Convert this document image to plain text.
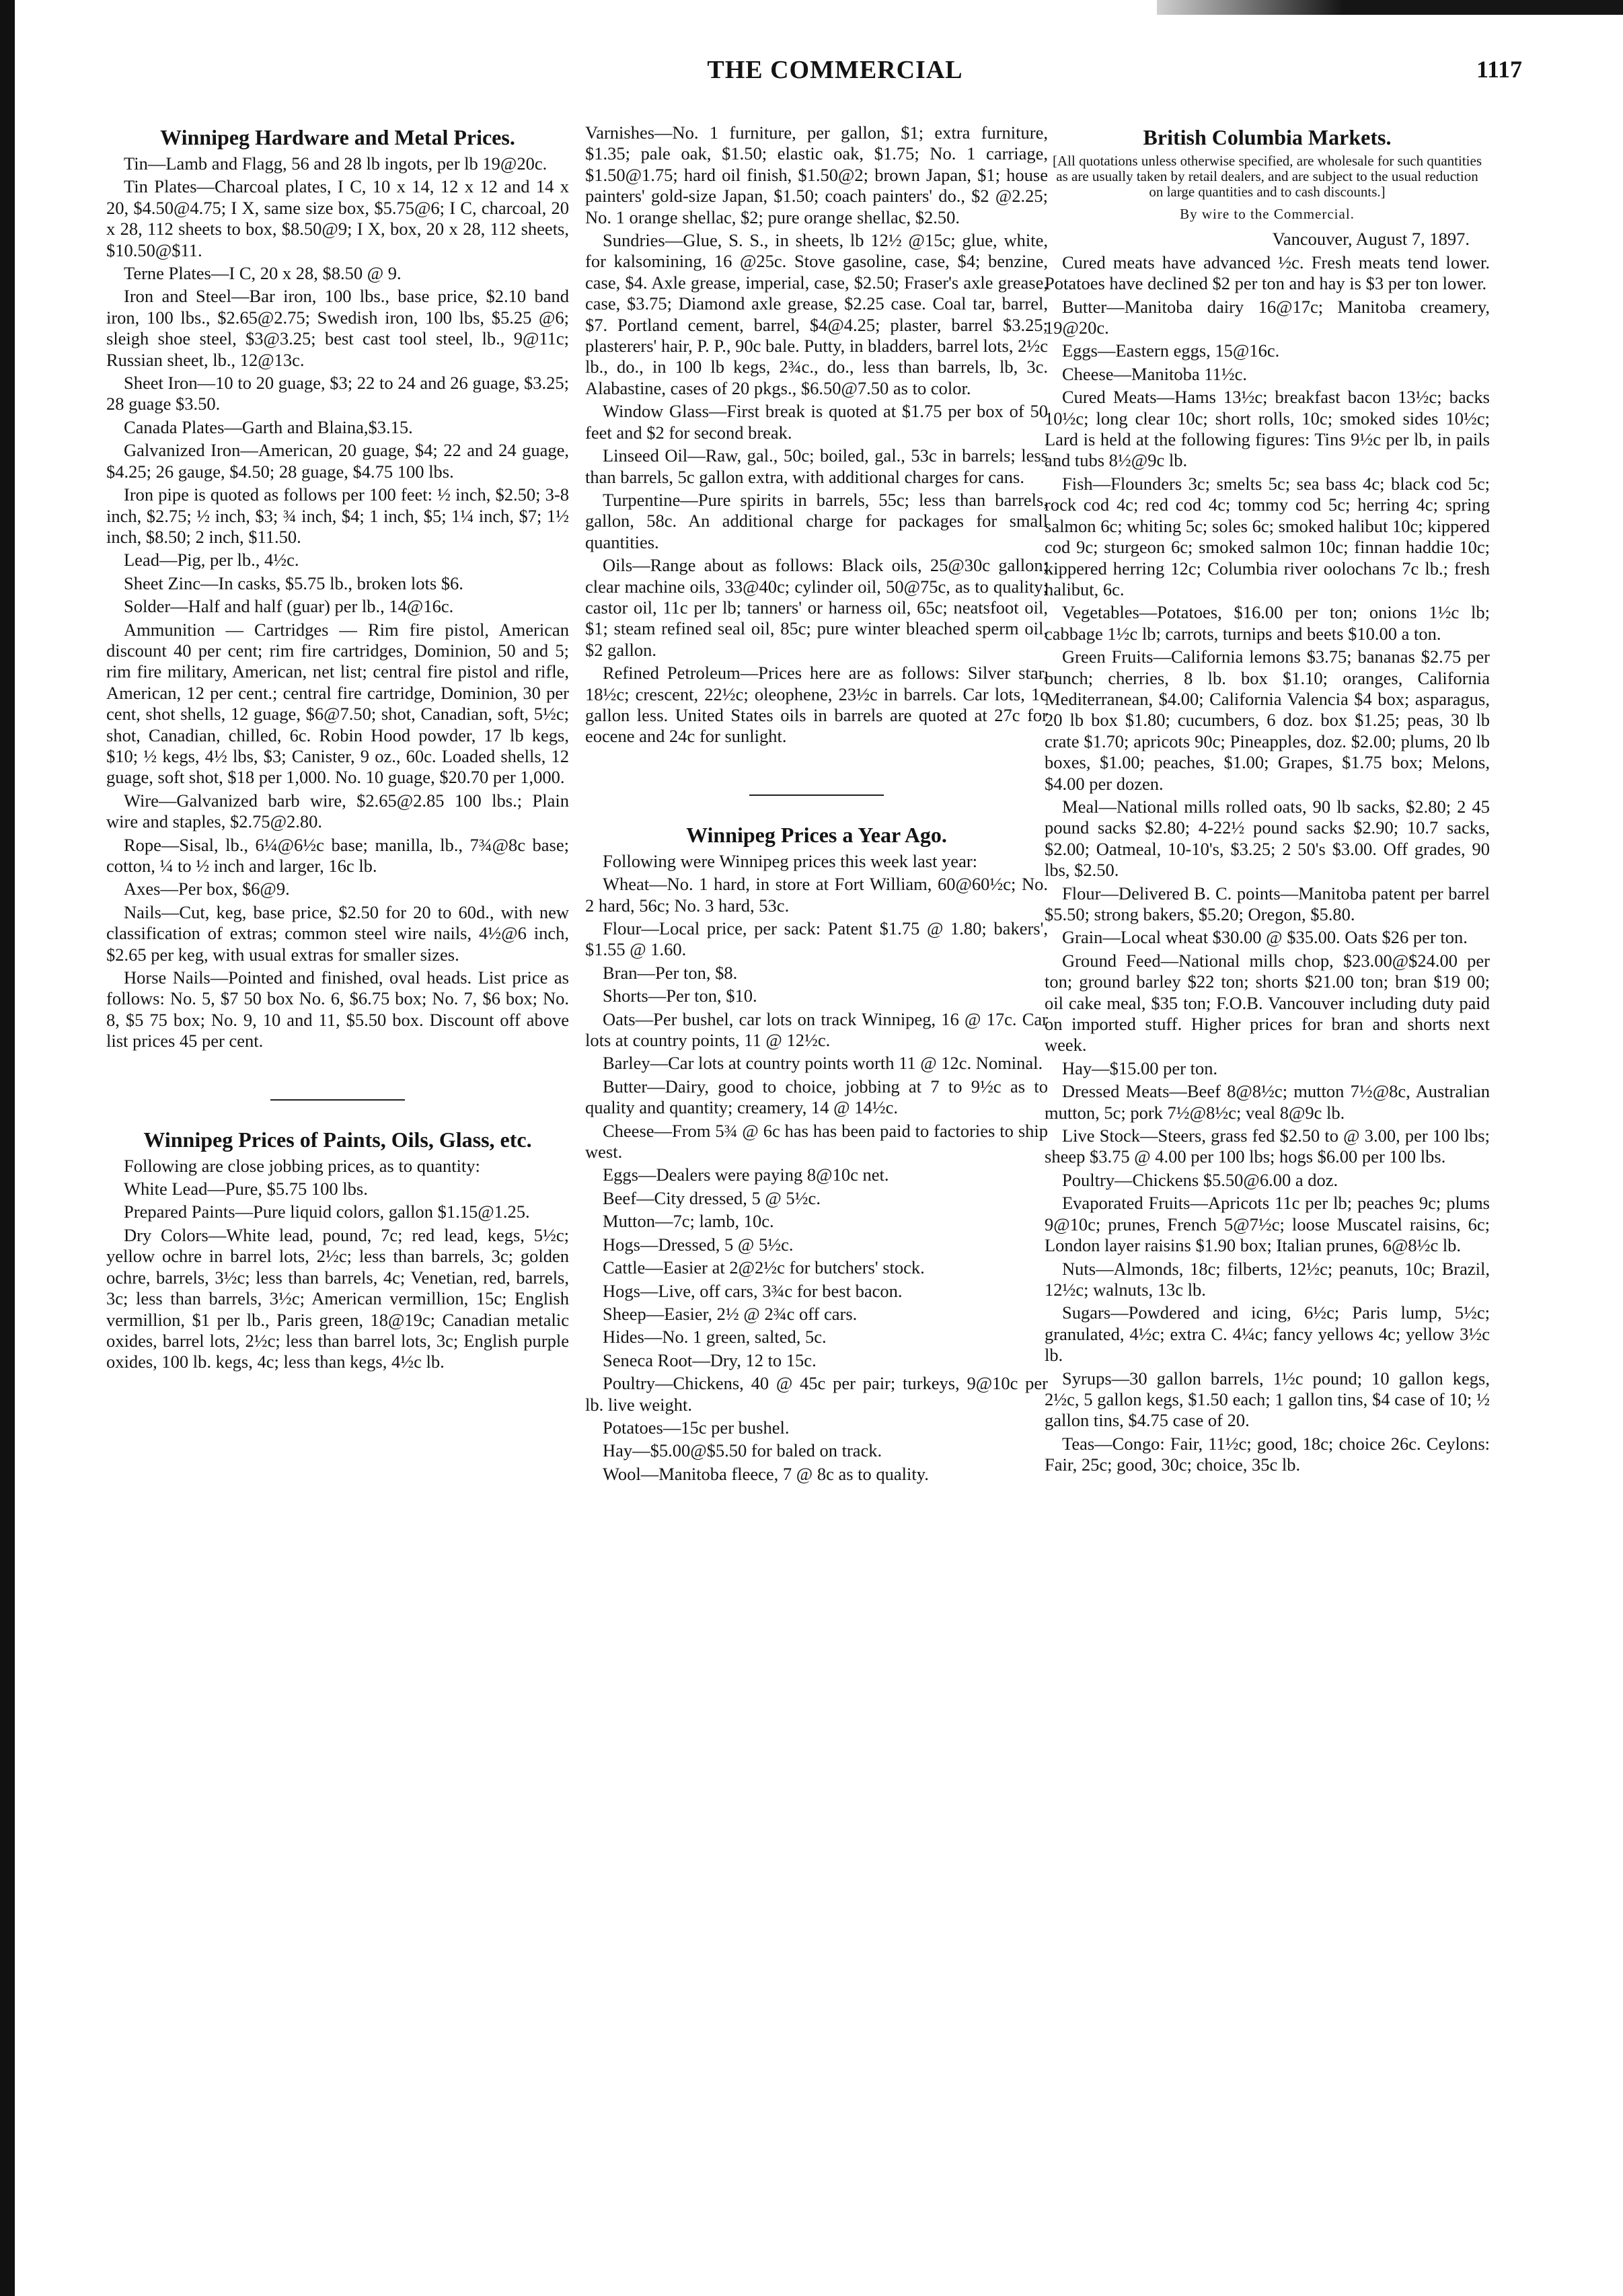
THE COMMERCIAL	1117
Winnipeg Hardware and Metal Prices.

Tin—Lamb and Flagg, 56 and 28 lb ingots, per lb 19@20c.

Tin Plates—Charcoal plates, I C, 10 x 14, 12 x 12 and 14 x 20, $4.50@4.75; I X, same size box, $5.75@6; I C, charcoal, 20 x 28, 112 sheets to box, $8.50@9; I X, box, 20 x 28, 112 sheets, $10.50@$11.

Terne Plates—I C, 20 x 28, $8.50 @ 9.

Iron and Steel—Bar iron, 100 lbs., base price, $2.10 band iron, 100 lbs., $2.65@2.75; Swedish iron, 100 lbs, $5.25 @6; sleigh shoe steel, $3@3.25; best cast tool steel, lb., 9@11c; Russian sheet, lb., 12@13c.

Sheet Iron—10 to 20 guage, $3; 22 to 24 and 26 guage, $3.25; 28 guage $3.50.

Canada Plates—Garth and Blaina,$3.15.

Galvanized Iron—American, 20 guage, $4; 22 and 24 guage, $4.25; 26 gauge, $4.50; 28 guage, $4.75 100 lbs.

Iron pipe is quoted as follows per 100 feet: ½ inch, $2.50; 3-8 inch, $2.75; ½ inch, $3; ¾ inch, $4; 1 inch, $5; 1¼ inch, $7; 1½ inch, $8.50; 2 inch, $11.50.

Lead—Pig, per lb., 4½c.

Sheet Zinc—In casks, $5.75 lb., broken lots $6.

Solder—Half and half (guar) per lb., 14@16c.

Ammunition — Cartridges — Rim fire pistol, American discount 40 per cent; rim fire cartridges, Dominion, 50 and 5; rim fire military, American, net list; central fire pistol and rifle, American, 12 per cent.; central fire cartridge, Dominion, 30 per cent, shot shells, 12 guage, $6@7.50; shot, Canadian, soft, 5½c; shot, Canadian, chilled, 6c. Robin Hood powder, 17 lb kegs, $10; ½ kegs, 4½ lbs, $3; Canister, 9 oz., 60c. Loaded shells, 12 guage, soft shot, $18 per 1,000. No. 10 guage, $20.70 per 1,000.

Wire—Galvanized barb wire, $2.65@2.85 100 lbs.; Plain wire and staples, $2.75@2.80.

Rope—Sisal, lb., 6¼@6½c base; manilla, lb., 7¾@8c base; cotton, ¼ to ½ inch and larger, 16c lb.

Axes—Per box, $6@9.

Nails—Cut, keg, base price, $2.50 for 20 to 60d., with new classification of extras; common steel wire nails, 4½@6 inch, $2.65 per keg, with usual extras for smaller sizes.

Horse Nails—Pointed and finished, oval heads. List price as follows: No. 5, $7 50 box No. 6, $6.75 box; No. 7, $6 box; No. 8, $5 75 box; No. 9, 10 and 11, $5.50 box. Discount off above list prices 45 per cent.

Winnipeg Prices of Paints, Oils, Glass, etc.

Following are close jobbing prices, as to quantity:

White Lead—Pure, $5.75 100 lbs.

Prepared Paints—Pure liquid colors, gallon $1.15@1.25.

Dry Colors—White lead, pound, 7c; red lead, kegs, 5½c; yellow ochre in barrel lots, 2½c; less than barrels, 3c; golden ochre, barrels, 3½c; less than barrels, 4c; Venetian, red, barrels, 3c; less than barrels, 3½c; American vermillion, 15c; English vermillion, $1 per lb., Paris green, 18@19c; Canadian metalic oxides, barrel lots, 2½c; less than barrel lots, 3c; English purple oxides, 100 lb. kegs, 4c; less than kegs, 4½c lb.

Varnishes—No. 1 furniture, per gallon, $1; extra furniture, $1.35; pale oak, $1.50; elastic oak, $1.75; No. 1 carriage, $1.50@1.75; hard oil finish, $1.50@2; brown Japan, $1; house painters' gold-size Japan, $1.50; coach painters' do., $2 @2.25; No. 1 orange shellac, $2; pure orange shellac, $2.50.

Sundries—Glue, S. S., in sheets, lb 12½ @15c; glue, white, for kalsomining, 16 @25c. Stove gasoline, case, $4; benzine, case, $4. Axle grease, imperial, case, $2.50; Fraser's axle grease, case, $3.75; Diamond axle grease, $2.25 case. Coal tar, barrel, $7. Portland cement, barrel, $4@4.25; plaster, barrel $3.25; plasterers' hair, P. P., 90c bale. Putty, in bladders, barrel lots, 2½c lb., do., in 100 lb kegs, 2¾c., do., less than barrels, lb, 3c. Alabastine, cases of 20 pkgs., $6.50@7.50 as to color.

Window Glass—First break is quoted at $1.75 per box of 50 feet and $2 for second break.

Linseed Oil—Raw, gal., 50c; boiled, gal., 53c in barrels; less than barrels, 5c gallon extra, with additional charges for cans.

Turpentine—Pure spirits in barrels, 55c; less than barrels, gallon, 58c. An additional charge for packages for small quantities.

Oils—Range about as follows: Black oils, 25@30c gallon; clear machine oils, 33@40c; cylinder oil, 50@75c, as to quality; castor oil, 11c per lb; tanners' or harness oil, 65c; neatsfoot oil, $1; steam refined seal oil, 85c; pure winter bleached sperm oil, $2 gallon.

Refined Petroleum—Prices here are as follows: Silver star, 18½c; crescent, 22½c; oleophene, 23½c in barrels. Car lots, 1c gallon less. United States oils in barrels are quoted at 27c for eocene and 24c for sunlight.

Winnipeg Prices a Year Ago.

Following were Winnipeg prices this week last year:

Wheat—No. 1 hard, in store at Fort William, 60@60½c; No. 2 hard, 56c; No. 3 hard, 53c.

Flour—Local price, per sack: Patent $1.75 @ 1.80; bakers', $1.55 @ 1.60.

Bran—Per ton, $8.

Shorts—Per ton, $10.

Oats—Per bushel, car lots on track Winnipeg, 16 @ 17c. Car lots at country points, 11 @ 12½c.

Barley—Car lots at country points worth 11 @ 12c. Nominal.

Butter—Dairy, good to choice, jobbing at 7 to 9½c as to quality and quantity; creamery, 14 @ 14½c.

Cheese—From 5¾ @ 6c has has been paid to factories to ship west.

Eggs—Dealers were paying 8@10c net.

Beef—City dressed, 5 @ 5½c.

Mutton—7c; lamb, 10c.

Hogs—Dressed, 5 @ 5½c.

Cattle—Easier at 2@2½c for butchers' stock.

Hogs—Live, off cars, 3¾c for best bacon.

Sheep—Easier, 2½ @ 2¾c off cars.

Hides—No. 1 green, salted, 5c.

Seneca Root—Dry, 12 to 15c.

Poultry—Chickens, 40 @ 45c per pair; turkeys, 9@10c per lb. live weight.

Potatoes—15c per bushel.

Hay—$5.00@$5.50 for baled on track.

Wool—Manitoba fleece, 7 @ 8c as to quality.

British Columbia Markets.

[All quotations unless otherwise specified, are wholesale for such quantities as are usually taken by retail dealers, and are subject to the usual reduction on large quantities and to cash discounts.]

By wire to the Commercial.

Vancouver, August 7, 1897.

Cured meats have advanced ½c. Fresh meats tend lower. Potatoes have declined $2 per ton and hay is $3 per ton lower.

Butter—Manitoba dairy 16@17c; Manitoba creamery, 19@20c.

Eggs—Eastern eggs, 15@16c.

Cheese—Manitoba 11½c.

Cured Meats—Hams 13½c; breakfast bacon 13½c; backs 10½c; long clear 10c; short rolls, 10c; smoked sides 10½c; Lard is held at the following figures: Tins 9½c per lb, in pails and tubs 8½@9c lb.

Fish—Flounders 3c; smelts 5c; sea bass 4c; black cod 5c; rock cod 4c; red cod 4c; tommy cod 5c; herring 4c; spring salmon 6c; whiting 5c; soles 6c; smoked halibut 10c; kippered cod 9c; sturgeon 6c; smoked salmon 10c; finnan haddie 10c; kippered herring 12c; Columbia river oolochans 7c lb.; fresh halibut, 6c.

Vegetables—Potatoes, $16.00 per ton; onions 1½c lb; cabbage 1½c lb; carrots, turnips and beets $10.00 a ton.

Green Fruits—California lemons $3.75; bananas $2.75 per bunch; cherries, 8 lb. box $1.10; oranges, California Mediterranean, $4.00; California Valencia $4 box; asparagus, 20 lb box $1.80; cucumbers, 6 doz. box $1.25; peas, 30 lb crate $1.70; apricots 90c; Pineapples, doz. $2.00; plums, 20 lb boxes, $1.00; peaches, $1.00; Grapes, $1.75 box; Melons, $4.00 per dozen.

Meal—National mills rolled oats, 90 lb sacks, $2.80; 2 45 pound sacks $2.80; 4-22½ pound sacks $2.90; 10.7 sacks, $2.00; Oatmeal, 10-10's, $3.25; 2 50's $3.00. Off grades, 90 lbs, $2.50.

Flour—Delivered B. C. points—Manitoba patent per barrel $5.50; strong bakers, $5.20; Oregon, $5.80.

Grain—Local wheat $30.00 @ $35.00. Oats $26 per ton.

Ground Feed—National mills chop, $23.00@$24.00 per ton; ground barley $22 ton; shorts $21.00 ton; bran $19 00; oil cake meal, $35 ton; F.O.B. Vancouver including duty paid on imported stuff. Higher prices for bran and shorts next week.

Hay—$15.00 per ton.

Dressed Meats—Beef 8@8½c; mutton 7½@8c, Australian mutton, 5c; pork 7½@8½c; veal 8@9c lb.

Live Stock—Steers, grass fed $2.50 to @ 3.00, per 100 lbs; sheep $3.75 @ 4.00 per 100 lbs; hogs $6.00 per 100 lbs.

Poultry—Chickens $5.50@6.00 a doz.

Evaporated Fruits—Apricots 11c per lb; peaches 9c; plums 9@10c; prunes, French 5@7½c; loose Muscatel raisins, 6c; London layer raisins $1.90 box; Italian prunes, 6@8½c lb.

Nuts—Almonds, 18c; filberts, 12½c; peanuts, 10c; Brazil, 12½c; walnuts, 13c lb.

Sugars—Powdered and icing, 6½c; Paris lump, 5½c; granulated, 4½c; extra C. 4¼c; fancy yellows 4c; yellow 3½c lb.

Syrups—30 gallon barrels, 1½c pound; 10 gallon kegs, 2½c, 5 gallon kegs, $1.50 each; 1 gallon tins, $4 case of 10; ½ gallon tins, $4.75 case of 20.

Teas—Congo: Fair, 11½c; good, 18c; choice 26c. Ceylons: Fair, 25c; good, 30c; choice, 35c lb.
